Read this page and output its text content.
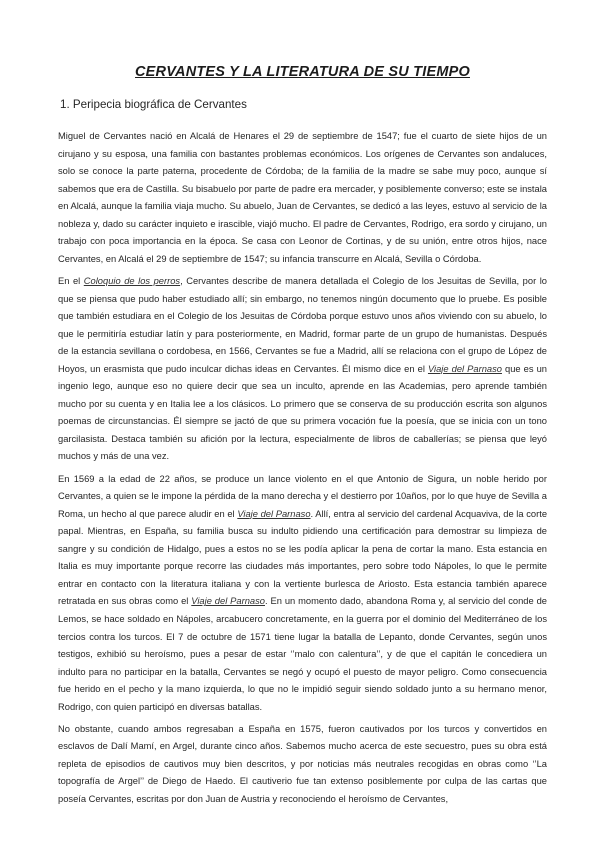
CERVANTES Y LA LITERATURA DE SU TIEMPO
1. Peripecia biográfica de Cervantes

Miguel de Cervantes nació en Alcalá de Henares el 29 de septiembre de 1547; fue el cuarto de siete hijos de un cirujano y su esposa, una familia con bastantes problemas económicos. Los orígenes de Cervantes son andaluces, solo se conoce la parte paterna, procedente de Córdoba; de la familia de la madre se sabe muy poco, aunque sí sabemos que era de Castilla. Su bisabuelo por parte de padre era mercader, y posiblemente converso; este se instala en Alcalá, aunque la familia viaja mucho. Su abuelo, Juan de Cervantes, se dedicó a las leyes, estuvo al servicio de la nobleza y, dado su carácter inquieto e irascible, viajó mucho. El padre de Cervantes, Rodrigo, era sordo y cirujano, un trabajo con poca importancia en la época. Se casa con Leonor de Cortinas, y de su unión, entre otros hijos, nace Cervantes, en Alcalá el 29 de septiembre de 1547; su infancia transcurre en Alcalá, Sevilla o Córdoba.

En el Coloquio de los perros, Cervantes describe de manera detallada el Colegio de los Jesuitas de Sevilla, por lo que se piensa que pudo haber estudiado allí; sin embargo, no tenemos ningún documento que lo pruebe. Es posible que también estudiara en el Colegio de los Jesuitas de Córdoba porque estuvo unos años viviendo con su abuelo, lo que le permitiría estudiar latín y para posteriormente, en Madrid, formar parte de un grupo de humanistas. Después de la estancia sevillana o cordobesa, en 1566, Cervantes se fue a Madrid, allí se relaciona con el grupo de López de Hoyos, un erasmista que pudo inculcar dichas ideas en Cervantes. Él mismo dice en el Viaje del Parnaso que es un ingenio lego, aunque eso no quiere decir que sea un inculto, aprende en las Academias, pero aprende también mucho por su cuenta y en Italia lee a los clásicos. Lo primero que se conserva de su producción escrita son algunos poemas de circunstancias. Él siempre se jactó de que su primera vocación fue la poesía, que se inicia con un tono garcilasista. Destaca también su afición por la lectura, especialmente de libros de caballerías; se piensa que leyó muchos y más de una vez.

En 1569 a la edad de 22 años, se produce un lance violento en el que Antonio de Sigura, un noble herido por Cervantes, a quien se le impone la pérdida de la mano derecha y el destierro por 10años, por lo que huye de Sevilla a Roma, un hecho al que parece aludir en el Viaje del Parnaso. Allí, entra al servicio del cardenal Acquaviva, de la corte papal. Mientras, en España, su familia busca su indulto pidiendo una certificación para demostrar su limpieza de sangre y su condición de Hidalgo, pues a estos no se les podía aplicar la pena de cortar la mano. Esta estancia en Italia es muy importante porque recorre las ciudades más importantes, pero sobre todo Nápoles, lo que le permite entrar en contacto con la literatura italiana y con la vertiente burlesca de Ariosto. Esta estancia también aparece retratada en sus obras como el Viaje del Parnaso. En un momento dado, abandona Roma y, al servicio del conde de Lemos, se hace soldado en Nápoles, arcabucero concretamente, en la guerra por el dominio del Mediterráneo de los tercios contra los turcos. El 7 de octubre de 1571 tiene lugar la batalla de Lepanto, donde Cervantes, según unos testigos, exhibió su heroísmo, pues a pesar de estar ‘’malo con calentura’’, y de que el capitán le concediera un indulto para no participar en la batalla, Cervantes se negó y ocupó el puesto de mayor peligro. Como consecuencia fue herido en el pecho y la mano izquierda, lo que no le impidió seguir siendo soldado junto a su hermano menor, Rodrigo, con quien participó en diversas batallas.

No obstante, cuando ambos regresaban a España en 1575, fueron cautivados por los turcos y convertidos en esclavos de Dalí Mamí, en Argel, durante cinco años. Sabemos mucho acerca de este secuestro, pues su obra está repleta de episodios de cautivos muy bien descritos, y por noticias más neutrales recogidas en obras como ‘’La topografía de Argel’’ de Diego de Haedo. El cautiverio fue tan extenso posiblemente por culpa de las cartas que poseía Cervantes, escritas por don Juan de Austria y reconociendo el heroísmo de Cervantes,
